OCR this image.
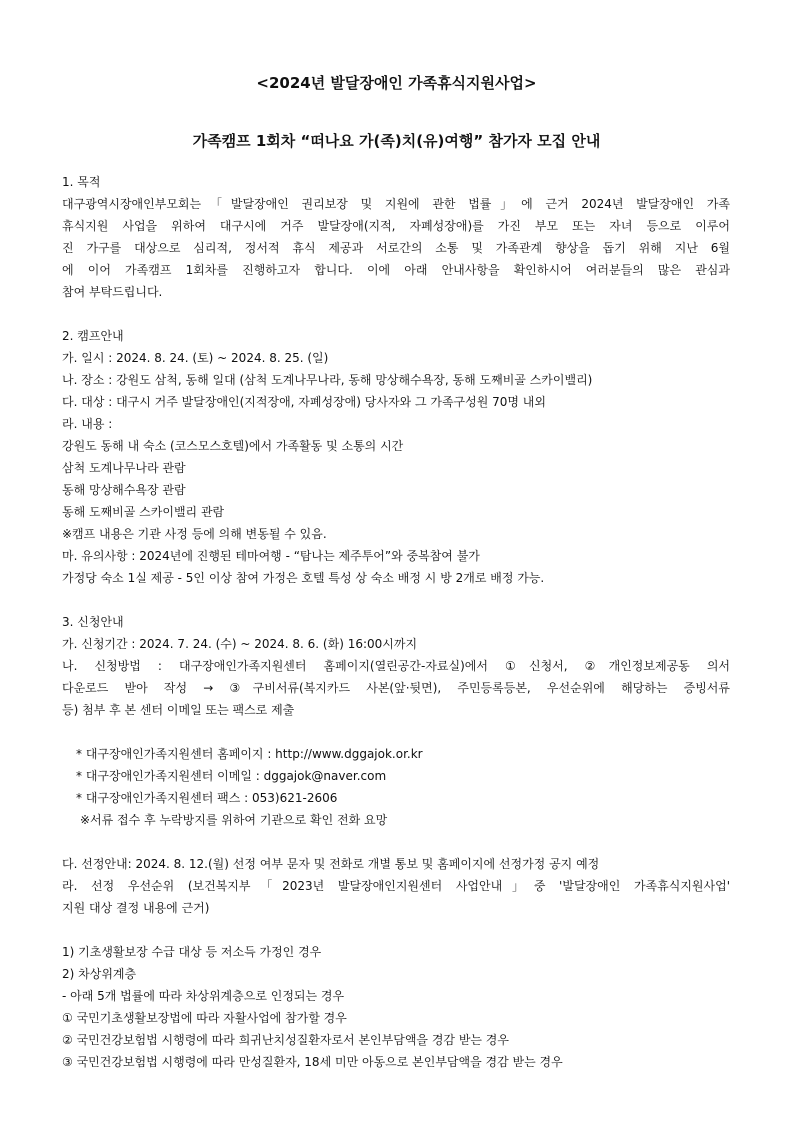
<2024년 발달장애인 가족휴식지원사업>
가족캠프 1회차 “떠나요 가(족)치(유)여행” 참가자 모집 안내
1. 목적
대구광역시장애인부모회는「발달장애인 권리보장 및 지원에 관한 법률」에 근거 2024년 발달장애인 가족
휴식지원 사업을 위하여 대구시에 거주 발달장애(지적, 자폐성장애)를 가진 부모 또는 자녀 등으로 이루어
진 가구를 대상으로 심리적, 정서적 휴식 제공과 서로간의 소통 및 가족관계 향상을 돕기 위해 지난 6월
에 이어 가족캠프 1회차를 진행하고자 합니다. 이에 아래 안내사항을 확인하시어 여러분들의 많은 관심과
참여 부탁드립니다.
2. 캠프안내
가. 일시 : 2024. 8. 24. (토) ~ 2024. 8. 25. (일)
나. 장소 : 강원도 삼척, 동해 일대 (삼척 도계나무나라, 동해 망상해수욕장, 동해 도째비골 스카이밸리)
다. 대상 : 대구시 거주 발달장애인(지적장애, 자폐성장애) 당사자와 그 가족구성원 70명 내외
라. 내용 :
강원도 동해 내 숙소 (코스모스호텔)에서 가족활동 및 소통의 시간
삼척 도계나무나라 관람
동해 망상해수욕장 관람
동해 도째비골 스카이밸리 관람
※캠프 내용은 기관 사정 등에 의해 변동될 수 있음.
마. 유의사항 : 2024년에 진행된 테마여행 - “탐나는 제주투어”와 중복참여 불가
가정당 숙소 1실 제공 - 5인 이상 참여 가정은 호텔 특성 상 숙소 배정 시 방 2개로 배정 가능.
3. 신청안내
가. 신청기간 : 2024. 7. 24. (수) ~ 2024. 8. 6. (화) 16:00시까지
나. 신청방법 : 대구장애인가족지원센터 홈페이지(열린공간-자료실)에서 ①신청서, ②개인정보제공동 의서
다운로드 받아 작성 → ③구비서류(복지카드 사본(앞·뒷면), 주민등록등본, 우선순위에 해당하는 증빙서류
등) 첨부 후 본 센터 이메일 또는 팩스로 제출
* 대구장애인가족지원센터 홈페이지 : http://www.dggajok.or.kr
* 대구장애인가족지원센터 이메일 : dggajok@naver.com
* 대구장애인가족지원센터 팩스 : 053)621-2606
※서류 접수 후 누락방지를 위하여 기관으로 확인 전화 요망
다. 선정안내: 2024. 8. 12.(월) 선정 여부 문자 및 전화로 개별 통보 및 홈페이지에 선정가정 공지 예정
라. 선정 우선순위 (보건복지부「2023년 발달장애인지원센터 사업안내」중 '발달장애인 가족휴식지원사업'
지원 대상 결정 내용에 근거)
1) 기초생활보장 수급 대상 등 저소득 가정인 경우
2) 차상위계층
- 아래 5개 법률에 따라 차상위계층으로 인정되는 경우
① 국민기초생활보장법에 따라 자활사업에 참가할 경우
② 국민건강보험법 시행령에 따라 희귀난치성질환자로서 본인부담액을 경감 받는 경우
③ 국민건강보험법 시행령에 따라 만성질환자, 18세 미만 아동으로 본인부담액을 경감 받는 경우
